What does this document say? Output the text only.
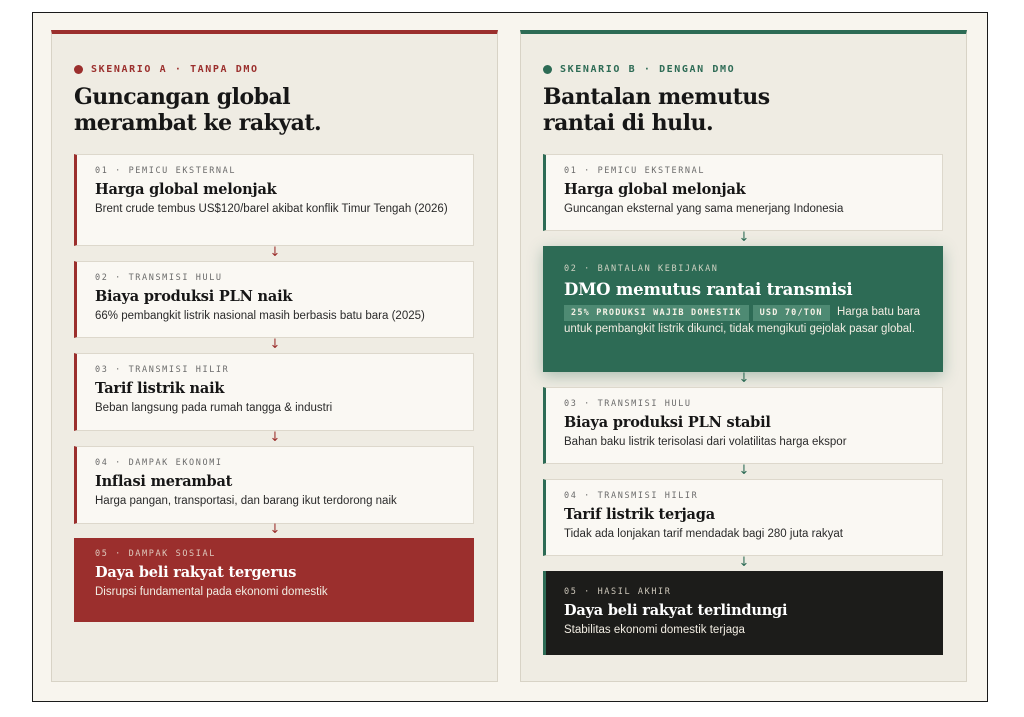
SKENARIO A · TANPA DMO
Guncangan global
merambat ke rakyat.
01 · PEMICU EKSTERNAL
Harga global melonjak
Brent crude tembus US$120/barel akibat konflik Timur Tengah (2026)
↓
02 · TRANSMISI HULU
Biaya produksi PLN naik
66% pembangkit listrik nasional masih berbasis batu bara (2025)
↓
03 · TRANSMISI HILIR
Tarif listrik naik
Beban langsung pada rumah tangga & industri
↓
04 · DAMPAK EKONOMI
Inflasi merambat
Harga pangan, transportasi, dan barang ikut terdorong naik
↓
05 · DAMPAK SOSIAL
Daya beli rakyat tergerus
Disrupsi fundamental pada ekonomi domestik
SKENARIO B · DENGAN DMO
Bantalan memutus
rantai di hulu.
01 · PEMICU EKSTERNAL
Harga global melonjak
Guncangan eksternal yang sama menerjang Indonesia
↓
02 · BANTALAN KEBIJAKAN
DMO memutus rantai transmisi
25% PRODUKSI WAJIB DOMESTIK USD 70/TON Harga batu bara untuk pembangkit listrik dikunci, tidak mengikuti gejolak pasar global.
↓
03 · TRANSMISI HULU
Biaya produksi PLN stabil
Bahan baku listrik terisolasi dari volatilitas harga ekspor
↓
04 · TRANSMISI HILIR
Tarif listrik terjaga
Tidak ada lonjakan tarif mendadak bagi 280 juta rakyat
↓
05 · HASIL AKHIR
Daya beli rakyat terlindungi
Stabilitas ekonomi domestik terjaga
